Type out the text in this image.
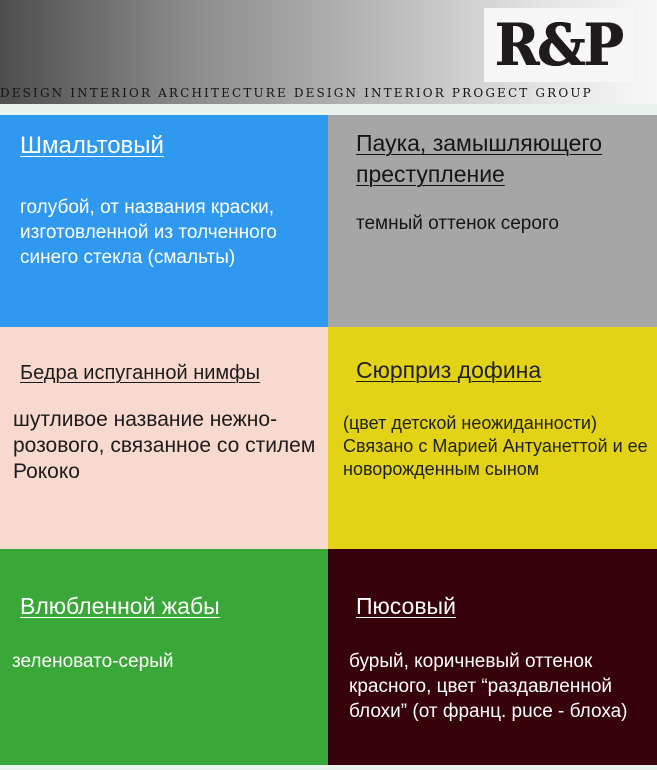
R&P
DESIGN INTERIOR ARCHITECTURE DESIGN INTERIOR PROGECT GROUP
Шмальтовый

голубой, от названия краски, изготовленной из толченного синего стекла (смальты)

Паука, замышляющего преступление

темный оттенок серого

Бедра испуганной нимфы

шутливое название нежно-розового, связанное со стилем Рококо

Сюрприз дофина

(цвет детской неожиданности) Связано с Марией Антуанеттой и ее новорожденным сыном

Влюбленной жабы

зеленовато-серый

Пюсовый

бурый, коричневый оттенок красного, цвет “раздавленной блохи” (от франц. puce - блоха)
